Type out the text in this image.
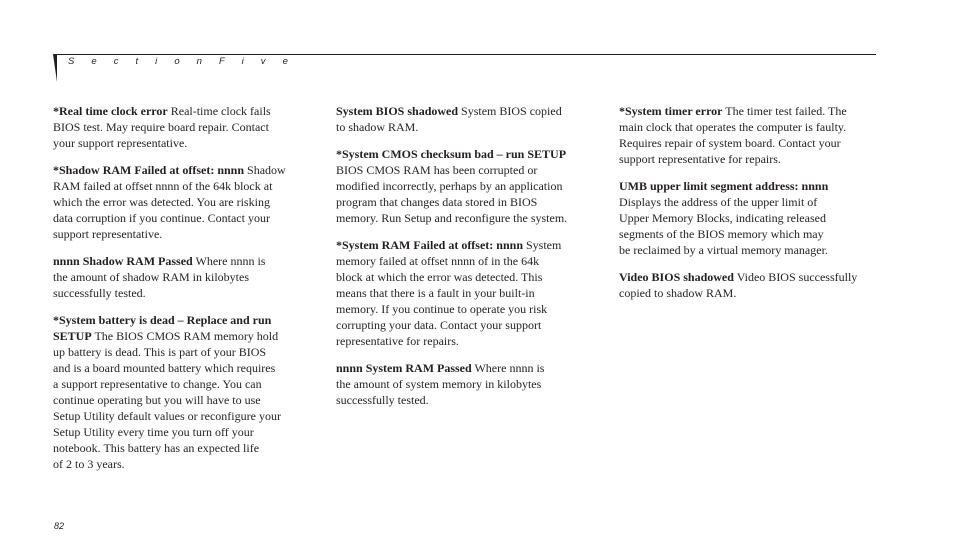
S e c t i o n F i v e

*Real time clock error Real-time clock fails
BIOS test. May require board repair. Contact
your support representative.

*Shadow RAM Failed at offset: nnnn Shadow
RAM failed at offset nnnn of the 64k block at
which the error was detected. You are risking
data corruption if you continue. Contact your
support representative.

nnnn Shadow RAM Passed Where nnnn is
the amount of shadow RAM in kilobytes
successfully tested.

*System battery is dead – Replace and run
SETUP The BIOS CMOS RAM memory hold
up battery is dead. This is part of your BIOS
and is a board mounted battery which requires
a support representative to change. You can
continue operating but you will have to use
Setup Utility default values or reconfigure your
Setup Utility every time you turn off your
notebook. This battery has an expected life
of 2 to 3 years.

System BIOS shadowed System BIOS copied
to shadow RAM.

*System CMOS checksum bad – run SETUP
BIOS CMOS RAM has been corrupted or
modified incorrectly, perhaps by an application
program that changes data stored in BIOS
memory. Run Setup and reconfigure the system.

*System RAM Failed at offset: nnnn System
memory failed at offset nnnn of in the 64k
block at which the error was detected. This
means that there is a fault in your built-in
memory. If you continue to operate you risk
corrupting your data. Contact your support
representative for repairs.

nnnn System RAM Passed Where nnnn is
the amount of system memory in kilobytes
successfully tested.

*System timer error The timer test failed. The
main clock that operates the computer is faulty.
Requires repair of system board. Contact your
support representative for repairs.

UMB upper limit segment address: nnnn
Displays the address of the upper limit of
Upper Memory Blocks, indicating released
segments of the BIOS memory which may
be reclaimed by a virtual memory manager.

Video BIOS shadowed Video BIOS successfully
copied to shadow RAM.

82
